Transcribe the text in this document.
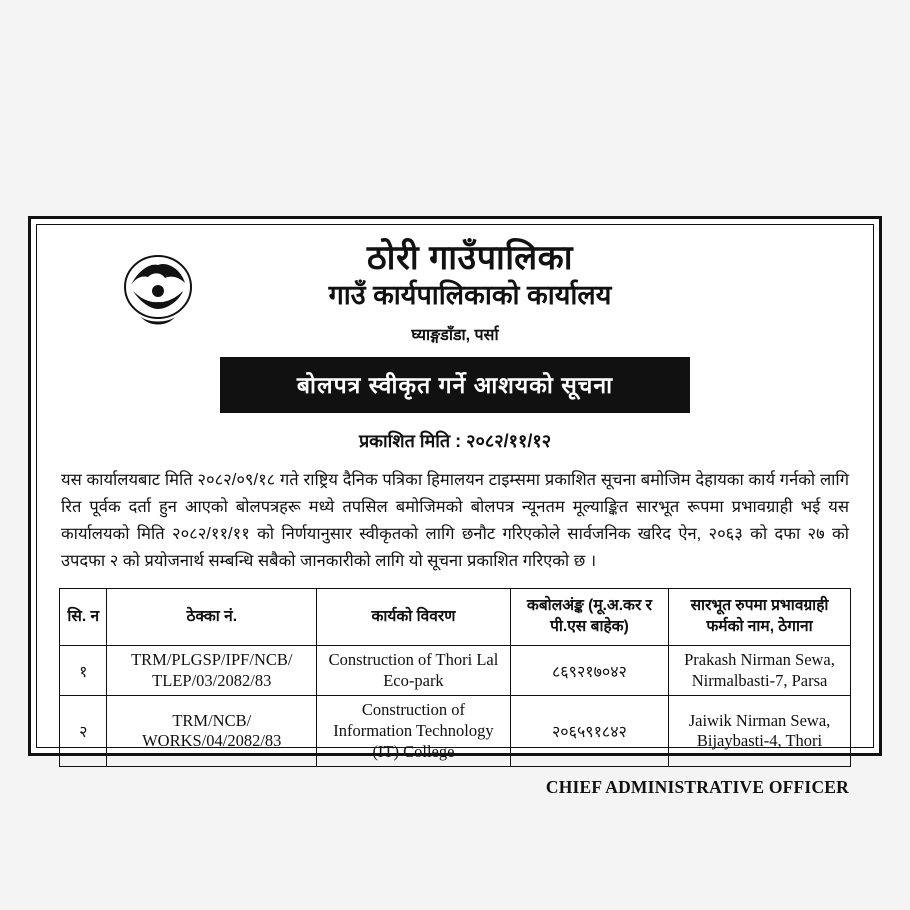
ठोरी गाउँपालिका
गाउँ कार्यपालिकाको कार्यालय
घ्याङ्गडाँडा, पर्सा
बोलपत्र स्वीकृत गर्ने आशयको सूचना
प्रकाशित मिति : २०८२/११/१२
यस कार्यालयबाट मिति २०८२/०९/१८ गते राष्ट्रिय दैनिक पत्रिका हिमालयन टाइम्समा प्रकाशित सूचना बमोजिम देहायका कार्य गर्नको लागि रित पूर्वक दर्ता हुन आएको बोलपत्रहरू मध्ये तपसिल बमोजिमको बोलपत्र न्यूनतम मूल्याङ्कित सारभूत रूपमा प्रभावग्राही भई यस कार्यालयको मिति २०८२/११/११ को निर्णयानुसार स्वीकृतको लागि छनौट गरिएकोले सार्वजनिक खरिद ऐन, २०६३ को दफा २७ को उपदफा २ को प्रयोजनार्थ सम्बन्धि सबैको जानकारीको लागि यो सूचना प्रकाशित गरिएको छ ।
सि. न	ठेक्का नं.	कार्यको विवरण	कबोलअंङ्क (मू.अ.कर र पी.एस बाहेक)	सारभूत रुपमा प्रभावग्राही फर्मको नाम, ठेगाना
१	TRM/PLGSP/IPF/NCB/ TLEP/03/2082/83	Construction of Thori Lal Eco-park	८६९२१७०४२	Prakash Nirman Sewa, Nirmalbasti-7, Parsa
२	TRM/NCB/ WORKS/04/2082/83	Construction of Information Technology (IT) College	२०६५९१८४२	Jaiwik Nirman Sewa, Bijaybasti-4, Thori
CHIEF ADMINISTRATIVE OFFICER
